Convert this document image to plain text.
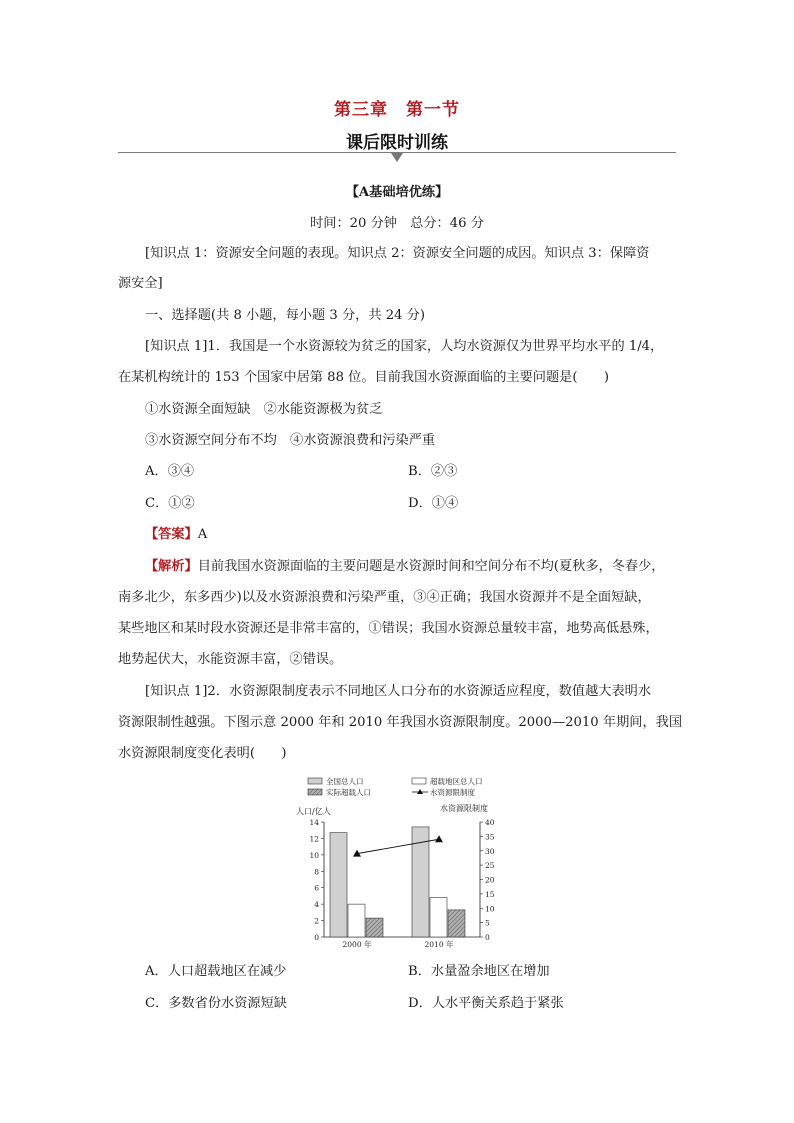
第三章　第一节
课后限时训练
【A基础培优练】
时间：20 分钟　总分：46 分
[知识点 1：资源安全问题的表现。知识点 2：资源安全问题的成因。知识点 3：保障资
源安全]
一、选择题(共 8 小题，每小题 3 分，共 24 分)
[知识点 1]1．我国是一个水资源较为贫乏的国家，人均水资源仅为世界平均水平的 1/4，
在某机构统计的 153 个国家中居第 88 位。目前我国水资源面临的主要问题是(　　)
①水资源全面短缺　②水能资源极为贫乏
③水资源空间分布不均　④水资源浪费和污染严重
A．③④	B．②③
C．①②	D．①④
【答案】A
【解析】目前我国水资源面临的主要问题是水资源时间和空间分布不均(夏秋多，冬春少，
南多北少，东多西少)以及水资源浪费和污染严重，③④正确；我国水资源并不是全面短缺，
某些地区和某时段水资源还是非常丰富的，①错误；我国水资源总量较丰富，地势高低悬殊，
地势起伏大，水能资源丰富，②错误。
[知识点 1]2．水资源限制度表示不同地区人口分布的水资源适应程度，数值越大表明水
资源限制性越强。下图示意 2000 年和 2010 年我国水资源限制度。2000—2010 年期间，我国
水资源限制度变化表明(　　)
全国总人口	超载地区总人口
实际超载人口	水资源限制度
人口/亿人	水资源限制度
0
2
4
6
8
10
12
14
0
5
10
15
20
25
30
35
40
2000 年	2010 年
A．人口超载地区在减少	B．水量盈余地区在增加
C．多数省份水资源短缺	D．人水平衡关系趋于紧张
